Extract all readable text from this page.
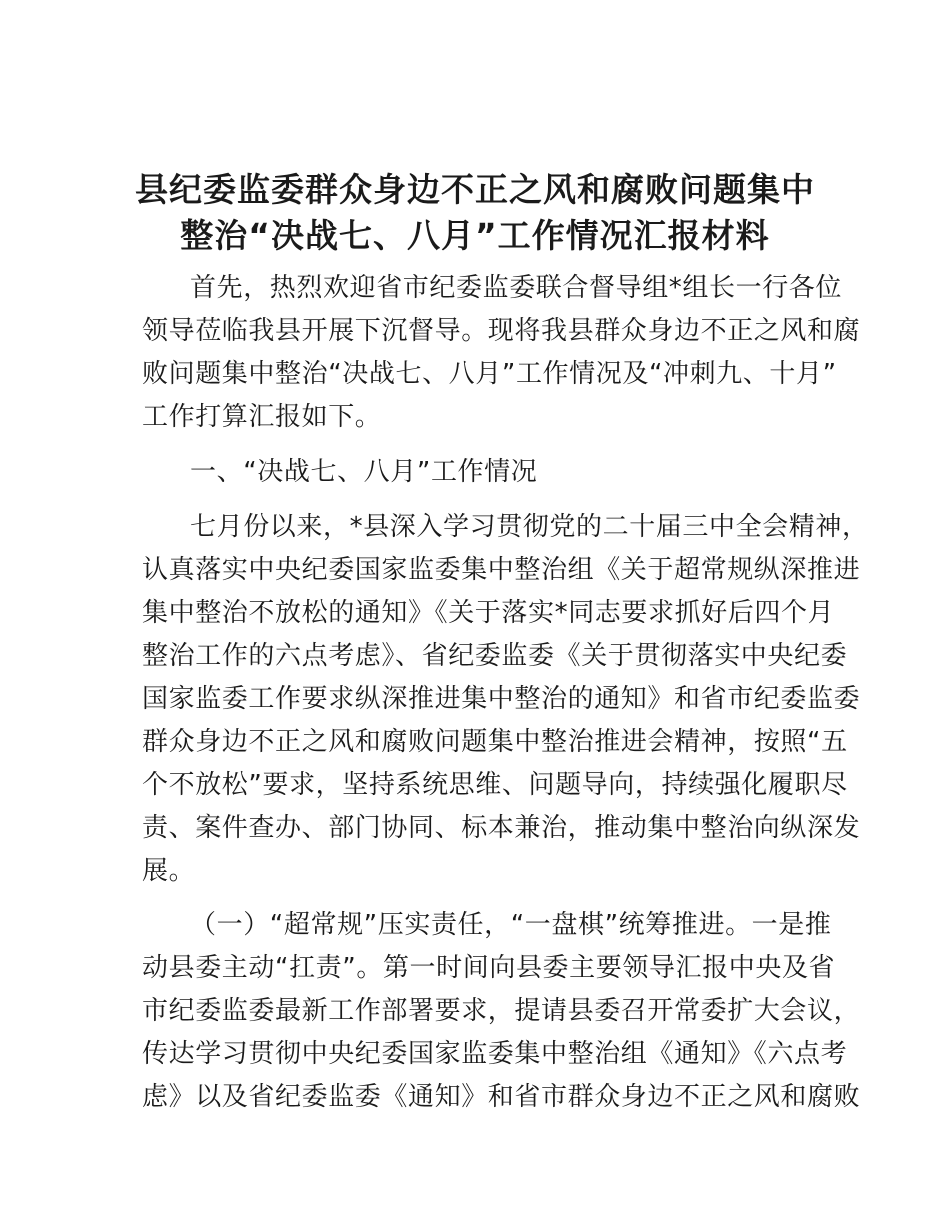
县纪委监委群众身边不正之风和腐败问题集中
整治“决战七、八月”工作情况汇报材料
首先，热烈欢迎省市纪委监委联合督导组*组长一行各位
领导莅临我县开展下沉督导。现将我县群众身边不正之风和腐
败问题集中整治“决战七、八月”工作情况及“冲刺九、十月”
工作打算汇报如下。
一、“决战七、八月”工作情况
七月份以来，*县深入学习贯彻党的二十届三中全会精神，
认真落实中央纪委国家监委集中整治组《关于超常规纵深推进
集中整治不放松的通知》《关于落实*同志要求抓好后四个月
整治工作的六点考虑》、省纪委监委《关于贯彻落实中央纪委
国家监委工作要求纵深推进集中整治的通知》和省市纪委监委
群众身边不正之风和腐败问题集中整治推进会精神，按照“五
个不放松”要求，坚持系统思维、问题导向，持续强化履职尽
责、案件查办、部门协同、标本兼治，推动集中整治向纵深发
展。
（一）“超常规”压实责任，“一盘棋”统筹推进。一是推
动县委主动“扛责”。第一时间向县委主要领导汇报中央及省
市纪委监委最新工作部署要求，提请县委召开常委扩大会议，
传达学习贯彻中央纪委国家监委集中整治组《通知》《六点考
虑》以及省纪委监委《通知》和省市群众身边不正之风和腐败
